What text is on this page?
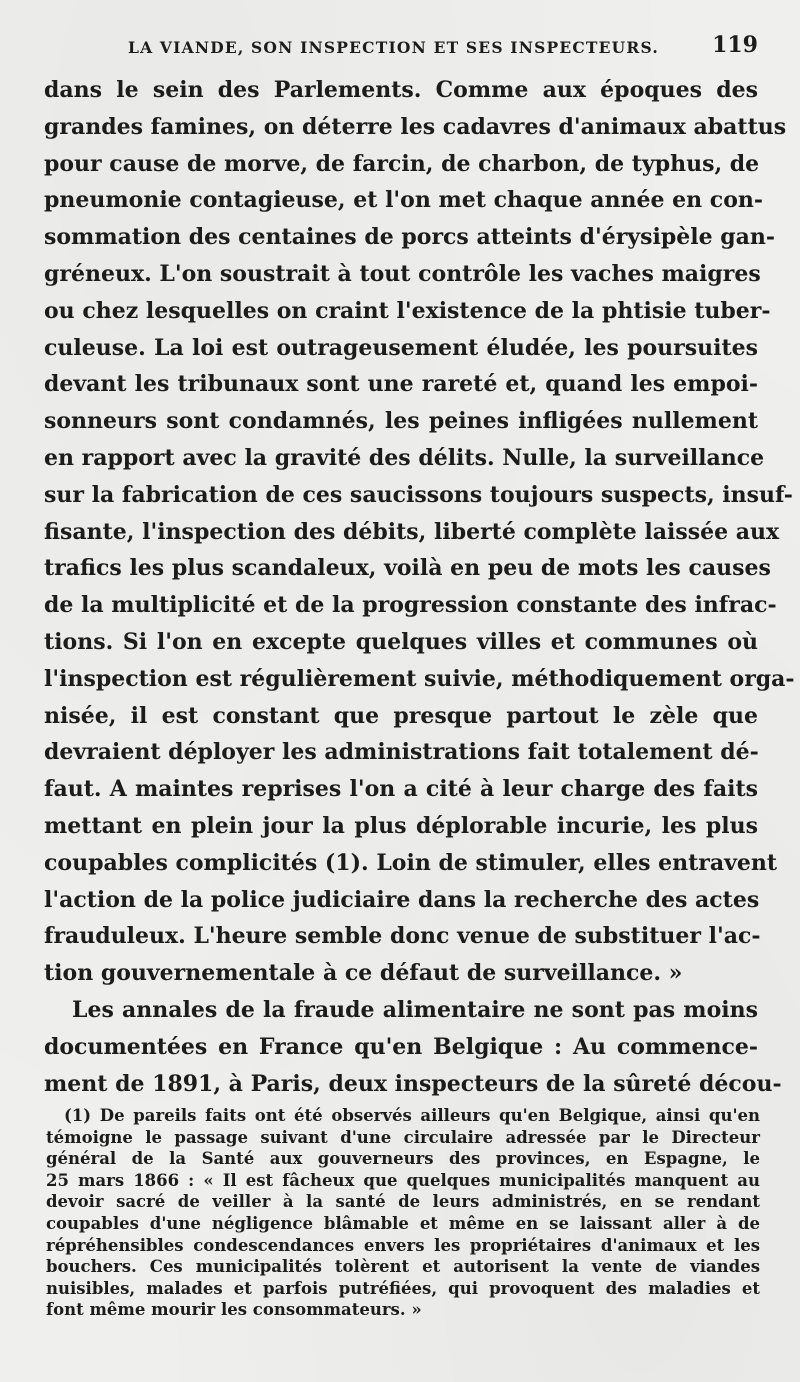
LA VIANDE, SON INSPECTION ET SES INSPECTEURS. 119
dans le sein des Parlements. Comme aux époques des
grandes famines, on déterre les cadavres d'animaux abattus
pour cause de morve, de farcin, de charbon, de typhus, de
pneumonie contagieuse, et l'on met chaque année en con-
sommation des centaines de porcs atteints d'érysipèle gan-
gréneux. L'on soustrait à tout contrôle les vaches maigres
ou chez lesquelles on craint l'existence de la phtisie tuber-
culeuse. La loi est outrageusement éludée, les poursuites
devant les tribunaux sont une rareté et, quand les empoi-
sonneurs sont condamnés, les peines infligées nullement
en rapport avec la gravité des délits. Nulle, la surveillance
sur la fabrication de ces saucissons toujours suspects, insuf-
fisante, l'inspection des débits, liberté complète laissée aux
trafics les plus scandaleux, voilà en peu de mots les causes
de la multiplicité et de la progression constante des infrac-
tions. Si l'on en excepte quelques villes et communes où
l'inspection est régulièrement suivie, méthodiquement orga-
nisée, il est constant que presque partout le zèle que
devraient déployer les administrations fait totalement dé-
faut. A maintes reprises l'on a cité à leur charge des faits
mettant en plein jour la plus déplorable incurie, les plus
coupables complicités (1). Loin de stimuler, elles entravent
l'action de la police judiciaire dans la recherche des actes
frauduleux. L'heure semble donc venue de substituer l'ac-
tion gouvernementale à ce défaut de surveillance. »
Les annales de la fraude alimentaire ne sont pas moins
documentées en France qu'en Belgique : Au commence-
ment de 1891, à Paris, deux inspecteurs de la sûreté décou-
(1) De pareils faits ont été observés ailleurs qu'en Belgique, ainsi qu'en
témoigne le passage suivant d'une circulaire adressée par le Directeur
général de la Santé aux gouverneurs des provinces, en Espagne, le
25 mars 1866 : « Il est fâcheux que quelques municipalités manquent au
devoir sacré de veiller à la santé de leurs administrés, en se rendant
coupables d'une négligence blâmable et même en se laissant aller à de
répréhensibles condescendances envers les propriétaires d'animaux et les
bouchers. Ces municipalités tolèrent et autorisent la vente de viandes
nuisibles, malades et parfois putréfiées, qui provoquent des maladies et
font même mourir les consommateurs. »
